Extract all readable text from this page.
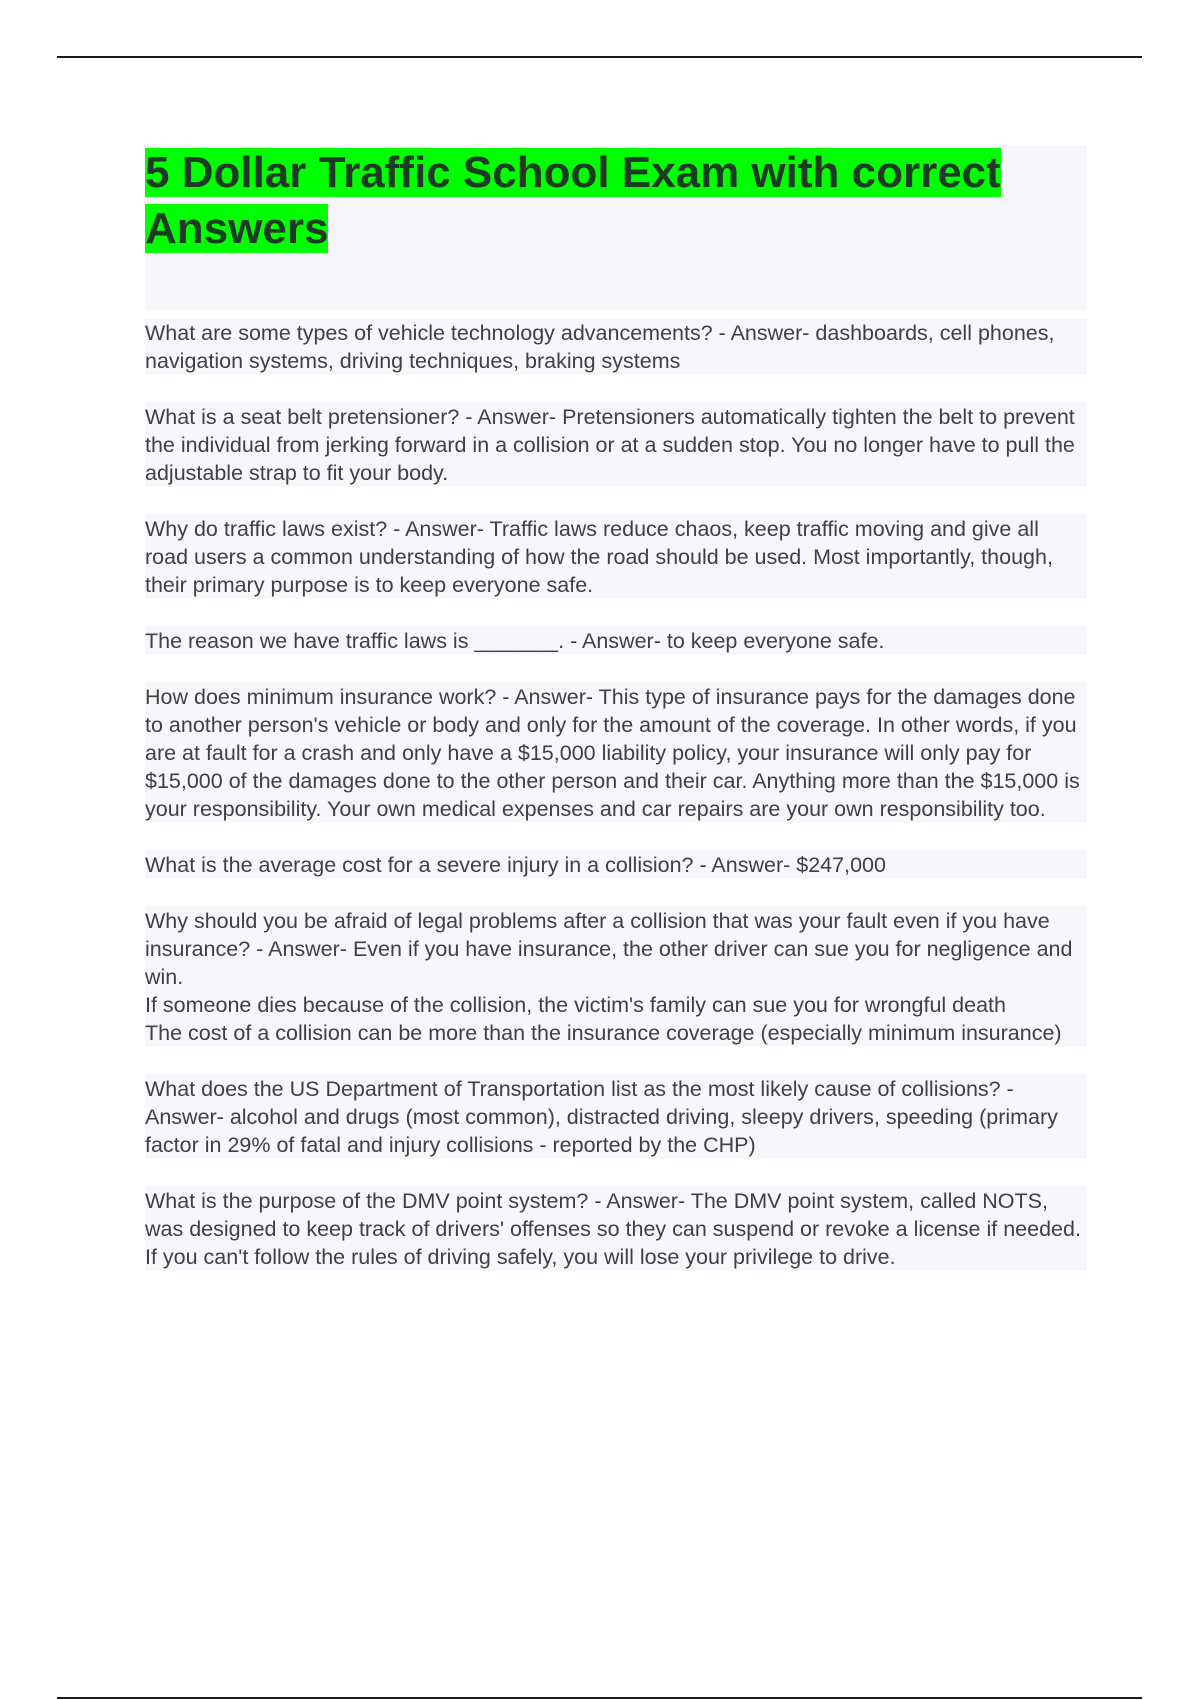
5 Dollar Traffic School Exam with correct Answers

What are some types of vehicle technology advancements? - Answer- dashboards, cell phones, navigation systems, driving techniques, braking systems

What is a seat belt pretensioner? - Answer- Pretensioners automatically tighten the belt to prevent the individual from jerking forward in a collision or at a sudden stop. You no longer have to pull the adjustable strap to fit your body.

Why do traffic laws exist? - Answer- Traffic laws reduce chaos, keep traffic moving and give all road users a common understanding of how the road should be used. Most importantly, though, their primary purpose is to keep everyone safe.

The reason we have traffic laws is _______. - Answer- to keep everyone safe.

How does minimum insurance work? - Answer- This type of insurance pays for the damages done to another person's vehicle or body and only for the amount of the coverage. In other words, if you are at fault for a crash and only have a $15,000 liability policy, your insurance will only pay for $15,000 of the damages done to the other person and their car. Anything more than the $15,000 is your responsibility. Your own medical expenses and car repairs are your own responsibility too.

What is the average cost for a severe injury in a collision? - Answer- $247,000

Why should you be afraid of legal problems after a collision that was your fault even if you have insurance? - Answer- Even if you have insurance, the other driver can sue you for negligence and win.
If someone dies because of the collision, the victim's family can sue you for wrongful death
The cost of a collision can be more than the insurance coverage (especially minimum insurance)

What does the US Department of Transportation list as the most likely cause of collisions? - Answer- alcohol and drugs (most common), distracted driving, sleepy drivers, speeding (primary factor in 29% of fatal and injury collisions - reported by the CHP)

What is the purpose of the DMV point system? - Answer- The DMV point system, called NOTS, was designed to keep track of drivers' offenses so they can suspend or revoke a license if needed. If you can't follow the rules of driving safely, you will lose your privilege to drive.
